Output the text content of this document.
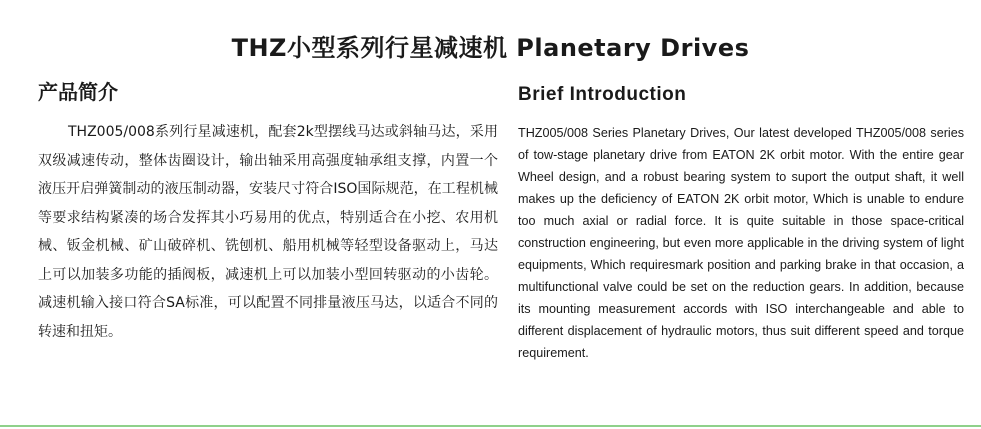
THZ小型系列行星减速机 Planetary Drives
产品简介

THZ005/008系列行星减速机，配套2k型摆线马达或斜轴马达，采用双级减速传动，整体齿圈设计，输出轴采用高强度轴承组支撑，内置一个液压开启弹簧制动的液压制动器，安装尺寸符合ISO国际规范，在工程机械等要求结构紧凑的场合发挥其小巧易用的优点，特别适合在小挖、农用机械、钣金机械、矿山破碎机、铣刨机、船用机械等轻型设备驱动上，马达上可以加装多功能的插阀板，减速机上可以加装小型回转驱动的小齿轮。减速机输入接口符合SA标准，可以配置不同排量液压马达，以适合不同的转速和扭矩。

Brief Introduction

THZ005/008 Series Planetary Drives, Our latest developed THZ005/008 series of tow-stage planetary drive from EATON 2K orbit motor. With the entire gear Wheel design, and a robust bearing system to suport the output shaft, it well makes up the deficiency of EATON 2K orbit motor, Which is unable to endure too much axial or radial force. It is quite suitable in those space-critical construction engineering, but even more applicable in the driving system of light equipments, Which requiresmark position and parking brake in that occasion, a multifunctional valve could be set on the reduction gears. In addition, because its mounting measurement accords with ISO interchangeable and able to different displacement of hydraulic motors, thus suit different speed and torque requirement.
